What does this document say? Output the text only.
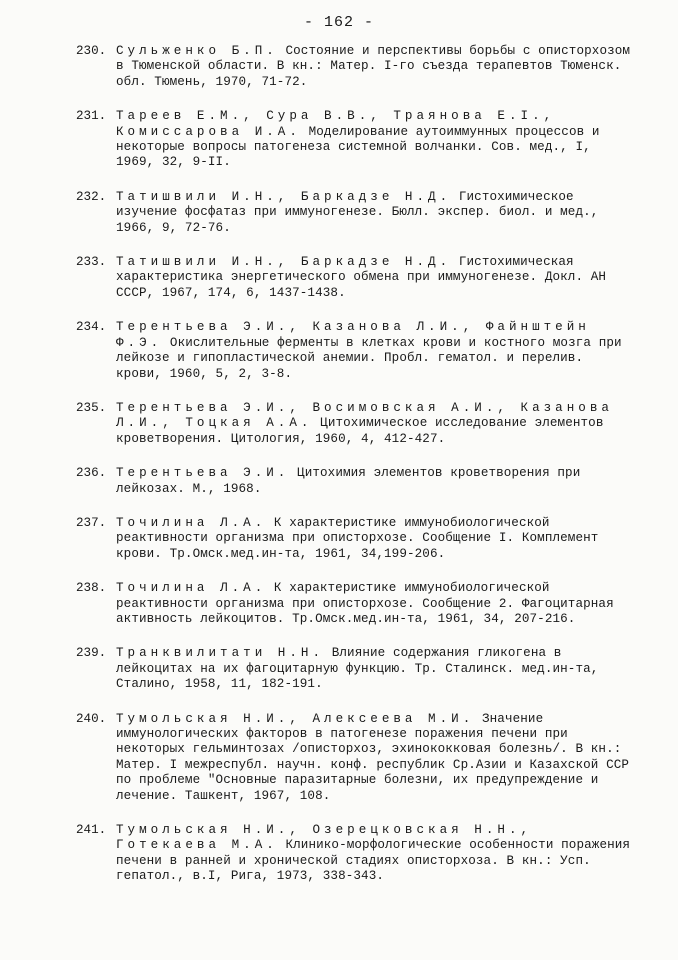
- 162 -
230. Сульженко Б.П. Состояние и перспективы борьбы с описторхозом в Тюменской области. В кн.: Матер. I-го съезда терапевтов Тюменск. обл. Тюмень, 1970, 71-72.
231. Тареев Е.М., Сура В.В., Траянова Е.I., Комиссарова И.А. Моделирование аутоиммунных процессов и некоторые вопросы патогенеза системной волчанки. Сов. мед., I, 1969, 32, 9-II.
232. Татишвили И.Н., Баркадзе Н.Д. Гистохимическое изучение фосфатаз при иммуногенезе. Бюлл. экспер. биол. и мед., 1966, 9, 72-76.
233. Татишвили И.Н., Баркадзе Н.Д. Гистохимическая характеристика энергетического обмена при иммуногенезе. Докл. АН СССР, 1967, 174, 6, 1437-1438.
234. Терентьева Э.И., Казанова Л.И., Файнштейн Ф.Э. Окислительные ферменты в клетках крови и костного мозга при лейкозе и гипопластической анемии. Пробл. гематол. и перелив. крови, 1960, 5, 2, 3-8.
235. Терентьева Э.И., Восимовская А.И., Казанова Л.И., Тоцкая А.А. Цитохимическое исследование элементов кроветворения. Цитология, 1960, 4, 412-427.
236. Терентьева Э.И. Цитохимия элементов кроветворения при лейкозах. М., 1968.
237. Точилина Л.А. К характеристике иммунобиологической реактивности организма при описторхозе. Сообщение I. Комплемент крови. Тр.Омск.мед.ин-та, 1961, 34,199-206.
238. Точилина Л.А. К характеристике иммунобиологической реактивности организма при описторхозе. Сообщение 2. Фагоцитарная активность лейкоцитов. Тр.Омск.мед.ин-та, 1961, 34, 207-216.
239. Транквилитати Н.Н. Влияние содержания гликогена в лейкоцитах на их фагоцитарную функцию. Тр. Сталинск. мед.ин-та, Сталино, 1958, 11, 182-191.
240. Тумольская Н.И., Алексеева М.И. Значение иммунологических факторов в патогенезе поражения печени при некоторых гельминтозах /описторхоз, эхинококковая болезнь/. В кн.: Матер. I межреспубл. научн. конф. республик Ср.Азии и Казахской ССР по проблеме "Основные паразитарные болезни, их предупреждение и лечение. Ташкент, 1967, 108.
241. Тумольская Н.И., Озерецковская Н.Н., Готекаева М.А. Клинико-морфологические особенности поражения печени в ранней и хронической стадиях описторхоза. В кн.: Усп. гепатол., в.I, Рига, 1973, 338-343.
